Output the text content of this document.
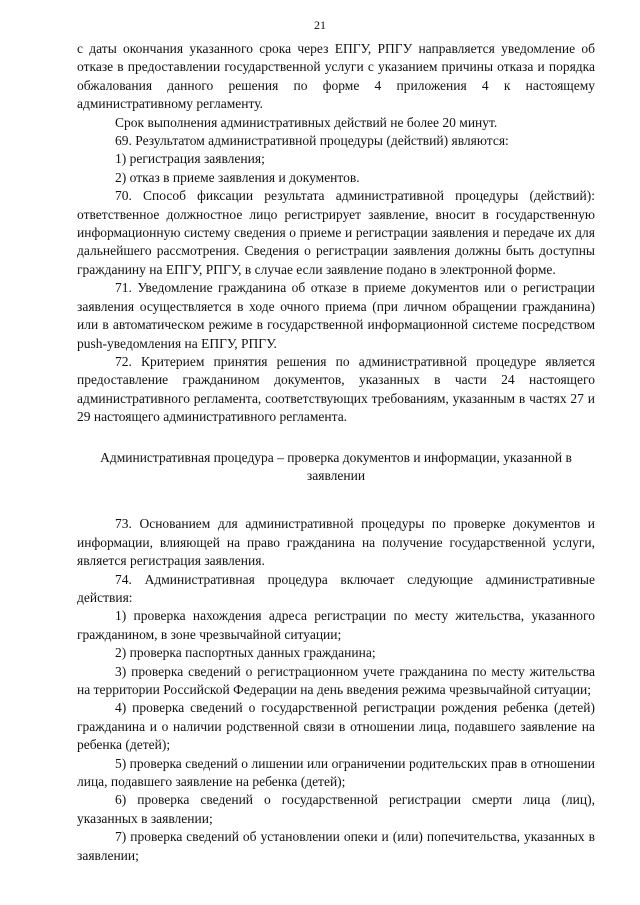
21

с даты окончания указанного срока через ЕПГУ, РПГУ направляется уведомление об отказе в предоставлении государственной услуги с указанием причины отказа и порядка обжалования данного решения по форме 4 приложения 4 к настоящему административному регламенту.

Срок выполнения административных действий не более 20 минут.

69. Результатом административной процедуры (действий) являются:

1) регистрация заявления;

2) отказ в приеме заявления и документов.

70. Способ фиксации результата административной процедуры (действий): ответственное должностное лицо регистрирует заявление, вносит в государственную информационную систему сведения о приеме и регистрации заявления и передаче их для дальнейшего рассмотрения. Сведения о регистрации заявления должны быть доступны гражданину на ЕПГУ, РПГУ, в случае если заявление подано в электронной форме.

71. Уведомление гражданина об отказе в приеме документов или о регистрации заявления осуществляется в ходе очного приема (при личном обращении гражданина) или в автоматическом режиме в государственной информационной системе посредством push-уведомления на ЕПГУ, РПГУ.

72. Критерием принятия решения по административной процедуре является предоставление гражданином документов, указанных в части 24 настоящего административного регламента, соответствующих требованиям, указанным в частях 27 и 29 настоящего административного регламента.

Административная процедура – проверка документов и информации, указанной в заявлении

73. Основанием для административной процедуры по проверке документов и информации, влияющей на право гражданина на получение государственной услуги, является регистрация заявления.

74. Административная процедура включает следующие административные действия:

1) проверка нахождения адреса регистрации по месту жительства, указанного гражданином, в зоне чрезвычайной ситуации;

2) проверка паспортных данных гражданина;

3) проверка сведений о регистрационном учете гражданина по месту жительства на территории Российской Федерации на день введения режима чрезвычайной ситуации;

4) проверка сведений о государственной регистрации рождения ребенка (детей) гражданина и о наличии родственной связи в отношении лица, подавшего заявление на ребенка (детей);

5) проверка сведений о лишении или ограничении родительских прав в отношении лица, подавшего заявление на ребенка (детей);

6) проверка сведений о государственной регистрации смерти лица (лиц), указанных в заявлении;

7) проверка сведений об установлении опеки и (или) попечительства, указанных в заявлении;
